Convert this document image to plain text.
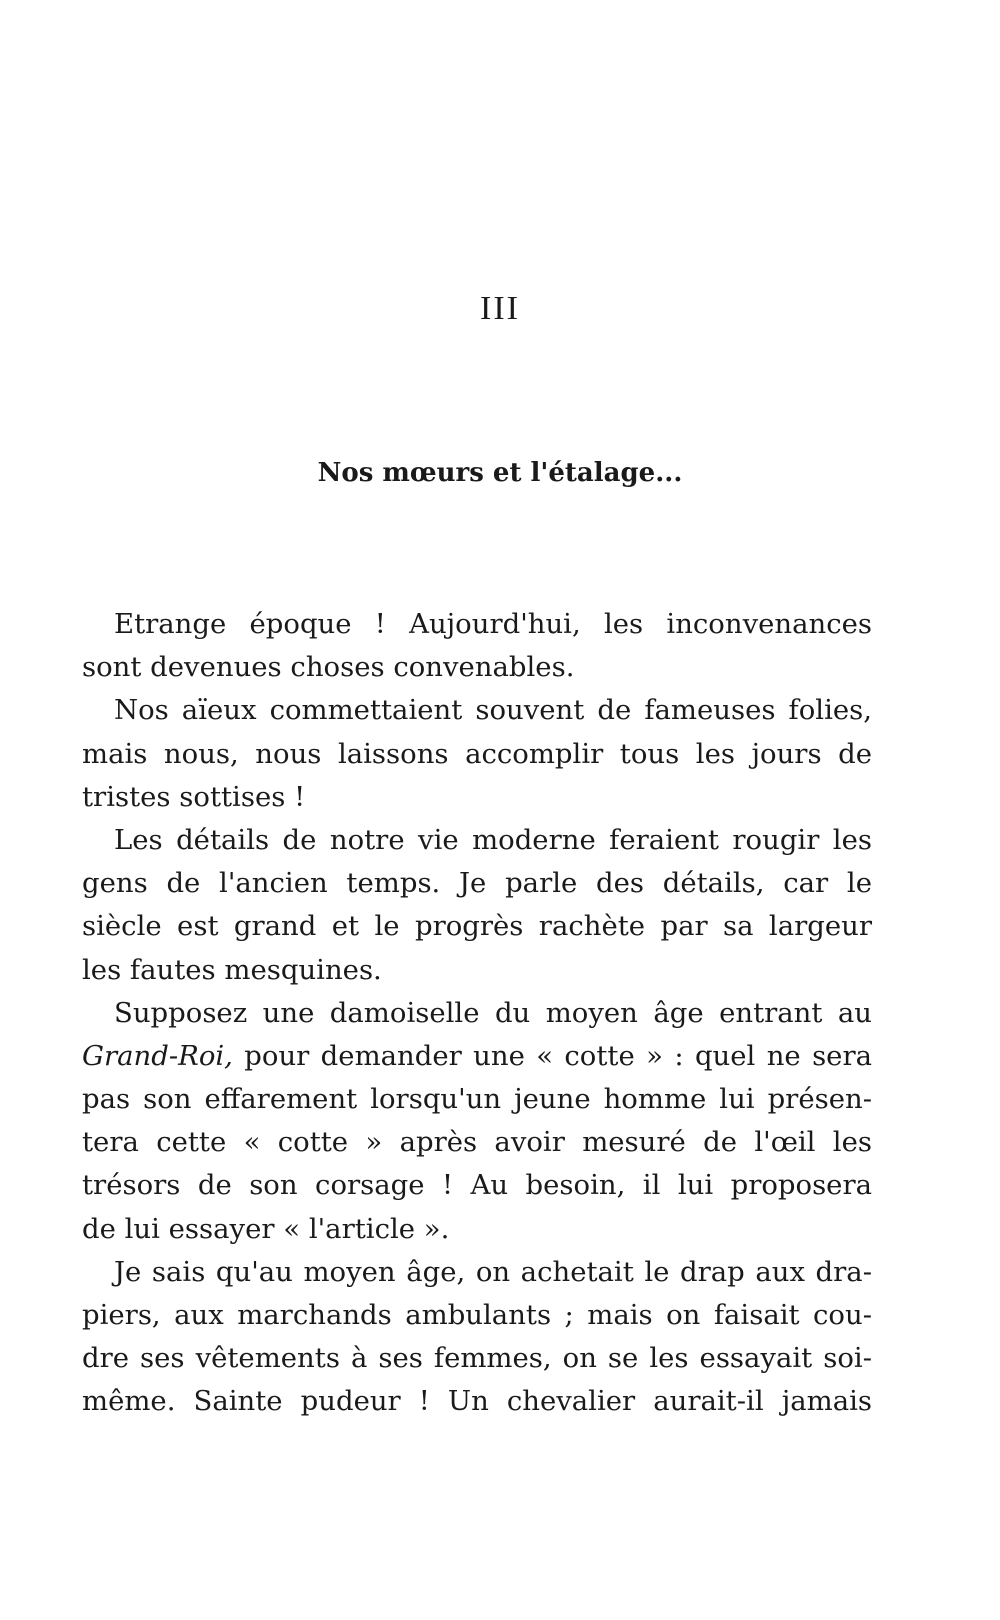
III
Nos mœurs et l'étalage...
Etrange époque ! Aujourd'hui, les inconvenances
sont devenues choses convenables.
Nos aïeux commettaient souvent de fameuses folies,
mais nous, nous laissons accomplir tous les jours de
tristes sottises !
Les détails de notre vie moderne feraient rougir les
gens de l'ancien temps. Je parle des détails, car le
siècle est grand et le progrès rachète par sa largeur
les fautes mesquines.
Supposez une damoiselle du moyen âge entrant au
Grand-Roi, pour demander une « cotte » : quel ne sera
pas son effarement lorsqu'un jeune homme lui présen-
tera cette « cotte » après avoir mesuré de l'œil les
trésors de son corsage ! Au besoin, il lui proposera
de lui essayer « l'article ».
Je sais qu'au moyen âge, on achetait le drap aux dra-
piers, aux marchands ambulants ; mais on faisait cou-
dre ses vêtements à ses femmes, on se les essayait soi-
même. Sainte pudeur ! Un chevalier aurait-il jamais
